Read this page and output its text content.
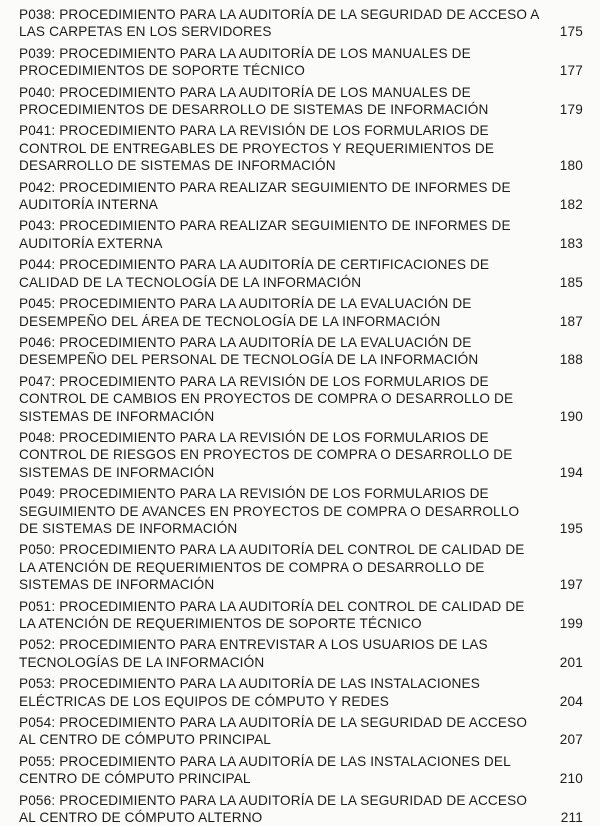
P038: PROCEDIMIENTO PARA LA AUDITORÍA DE LA SEGURIDAD DE ACCESO A LAS CARPETAS EN LOS SERVIDORES	175
P039: PROCEDIMIENTO PARA LA AUDITORÍA DE LOS MANUALES DE PROCEDIMIENTOS DE SOPORTE TÉCNICO	177
P040: PROCEDIMIENTO PARA LA AUDITORÍA DE LOS MANUALES DE PROCEDIMIENTOS DE DESARROLLO DE SISTEMAS DE INFORMACIÓN	179
P041: PROCEDIMIENTO PARA LA REVISIÓN DE LOS FORMULARIOS DE CONTROL DE ENTREGABLES DE PROYECTOS Y REQUERIMIENTOS DE DESARROLLO DE SISTEMAS DE INFORMACIÓN	180
P042: PROCEDIMIENTO PARA REALIZAR SEGUIMIENTO DE INFORMES DE AUDITORÍA INTERNA	182
P043: PROCEDIMIENTO PARA REALIZAR SEGUIMIENTO DE INFORMES DE AUDITORÍA EXTERNA	183
P044: PROCEDIMIENTO PARA LA AUDITORÍA DE CERTIFICACIONES DE CALIDAD DE LA TECNOLOGÍA DE LA INFORMACIÓN	185
P045: PROCEDIMIENTO PARA LA AUDITORÍA DE LA EVALUACIÓN DE DESEMPEÑO DEL ÁREA DE TECNOLOGÍA DE LA INFORMACIÓN	187
P046: PROCEDIMIENTO PARA LA AUDITORÍA DE LA EVALUACIÓN DE DESEMPEÑO DEL PERSONAL DE TECNOLOGÍA DE LA INFORMACIÓN	188
P047: PROCEDIMIENTO PARA LA REVISIÓN DE LOS FORMULARIOS DE CONTROL DE CAMBIOS EN PROYECTOS DE COMPRA O DESARROLLO DE SISTEMAS DE INFORMACIÓN	190
P048: PROCEDIMIENTO PARA LA REVISIÓN DE LOS FORMULARIOS DE CONTROL DE RIESGOS EN PROYECTOS DE COMPRA O DESARROLLO DE SISTEMAS DE INFORMACIÓN	194
P049: PROCEDIMIENTO PARA LA REVISIÓN DE LOS FORMULARIOS DE SEGUIMIENTO DE AVANCES EN PROYECTOS DE COMPRA O DESARROLLO DE SISTEMAS DE INFORMACIÓN	195
P050: PROCEDIMIENTO PARA LA AUDITORÍA DEL CONTROL DE CALIDAD DE LA ATENCIÓN DE REQUERIMIENTOS DE COMPRA O DESARROLLO DE SISTEMAS DE INFORMACIÓN	197
P051: PROCEDIMIENTO PARA LA AUDITORÍA DEL CONTROL DE CALIDAD DE LA ATENCIÓN DE REQUERIMIENTOS DE SOPORTE TÉCNICO	199
P052: PROCEDIMIENTO PARA ENTREVISTAR A LOS USUARIOS DE LAS TECNOLOGÍAS DE LA INFORMACIÓN	201
P053: PROCEDIMIENTO PARA LA AUDITORÍA DE LAS INSTALACIONES ELÉCTRICAS DE LOS EQUIPOS DE CÓMPUTO Y REDES	204
P054: PROCEDIMIENTO PARA LA AUDITORÍA DE LA SEGURIDAD DE ACCESO AL CENTRO DE CÓMPUTO PRINCIPAL	207
P055: PROCEDIMIENTO PARA LA AUDITORÍA DE LAS INSTALACIONES DEL CENTRO DE CÓMPUTO PRINCIPAL	210
P056: PROCEDIMIENTO PARA LA AUDITORÍA DE LA SEGURIDAD DE ACCESO AL CENTRO DE CÓMPUTO ALTERNO	211
